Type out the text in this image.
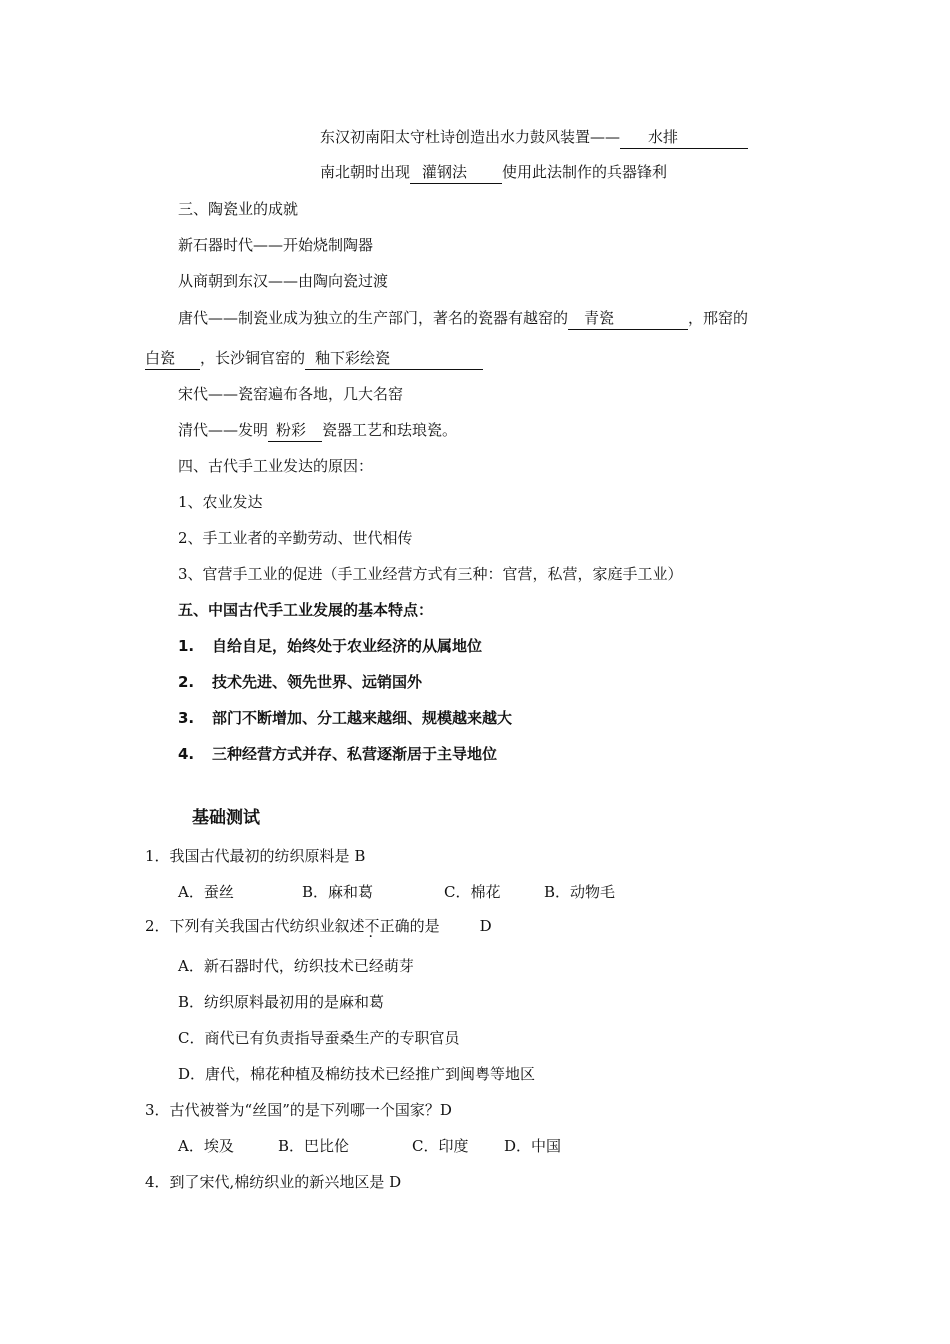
东汉初南阳太守杜诗创造出水力鼓风装置—— 水排
南北朝时出现 灌钢法 使用此法制作的兵器锋利
三、陶瓷业的成就
新石器时代——开始烧制陶器
从商朝到东汉——由陶向瓷过渡
唐代——制瓷业成为独立的生产部门，著名的瓷器有越窑的 青瓷	，邢窑的
白瓷 ，长沙铜官窑的 釉下彩绘瓷
宋代——瓷窑遍布各地，几大名窑
清代——发明 粉彩 瓷器工艺和珐琅瓷。
四、古代手工业发达的原因：
1、农业发达
2、手工业者的辛勤劳动、世代相传
3、官营手工业的促进（手工业经营方式有三种：官营，私营，家庭手工业）
五、中国古代手工业发展的基本特点：
1. 自给自足，始终处于农业经济的从属地位
2. 技术先进、领先世界、远销国外
3. 部门不断增加、分工越来越细、规模越来越大
4. 三种经营方式并存、私营逐渐居于主导地位
基础测试
1．我国古代最初的纺织原料是 B
A．蚕丝	B．麻和葛	C．棉花	B．动物毛
2．下列有关我国古代纺织业叙述不正确的是	D
A．新石器时代，纺织技术已经萌芽
B．纺织原料最初用的是麻和葛
C．商代已有负责指导蚕桑生产的专职官员
D．唐代，棉花种植及棉纺技术已经推广到闽粤等地区
3．古代被誉为“丝国”的是下列哪一个国家？D
A．埃及	B．巴比伦	C．印度 D．中国
4．到了宋代,棉纺织业的新兴地区是 D
